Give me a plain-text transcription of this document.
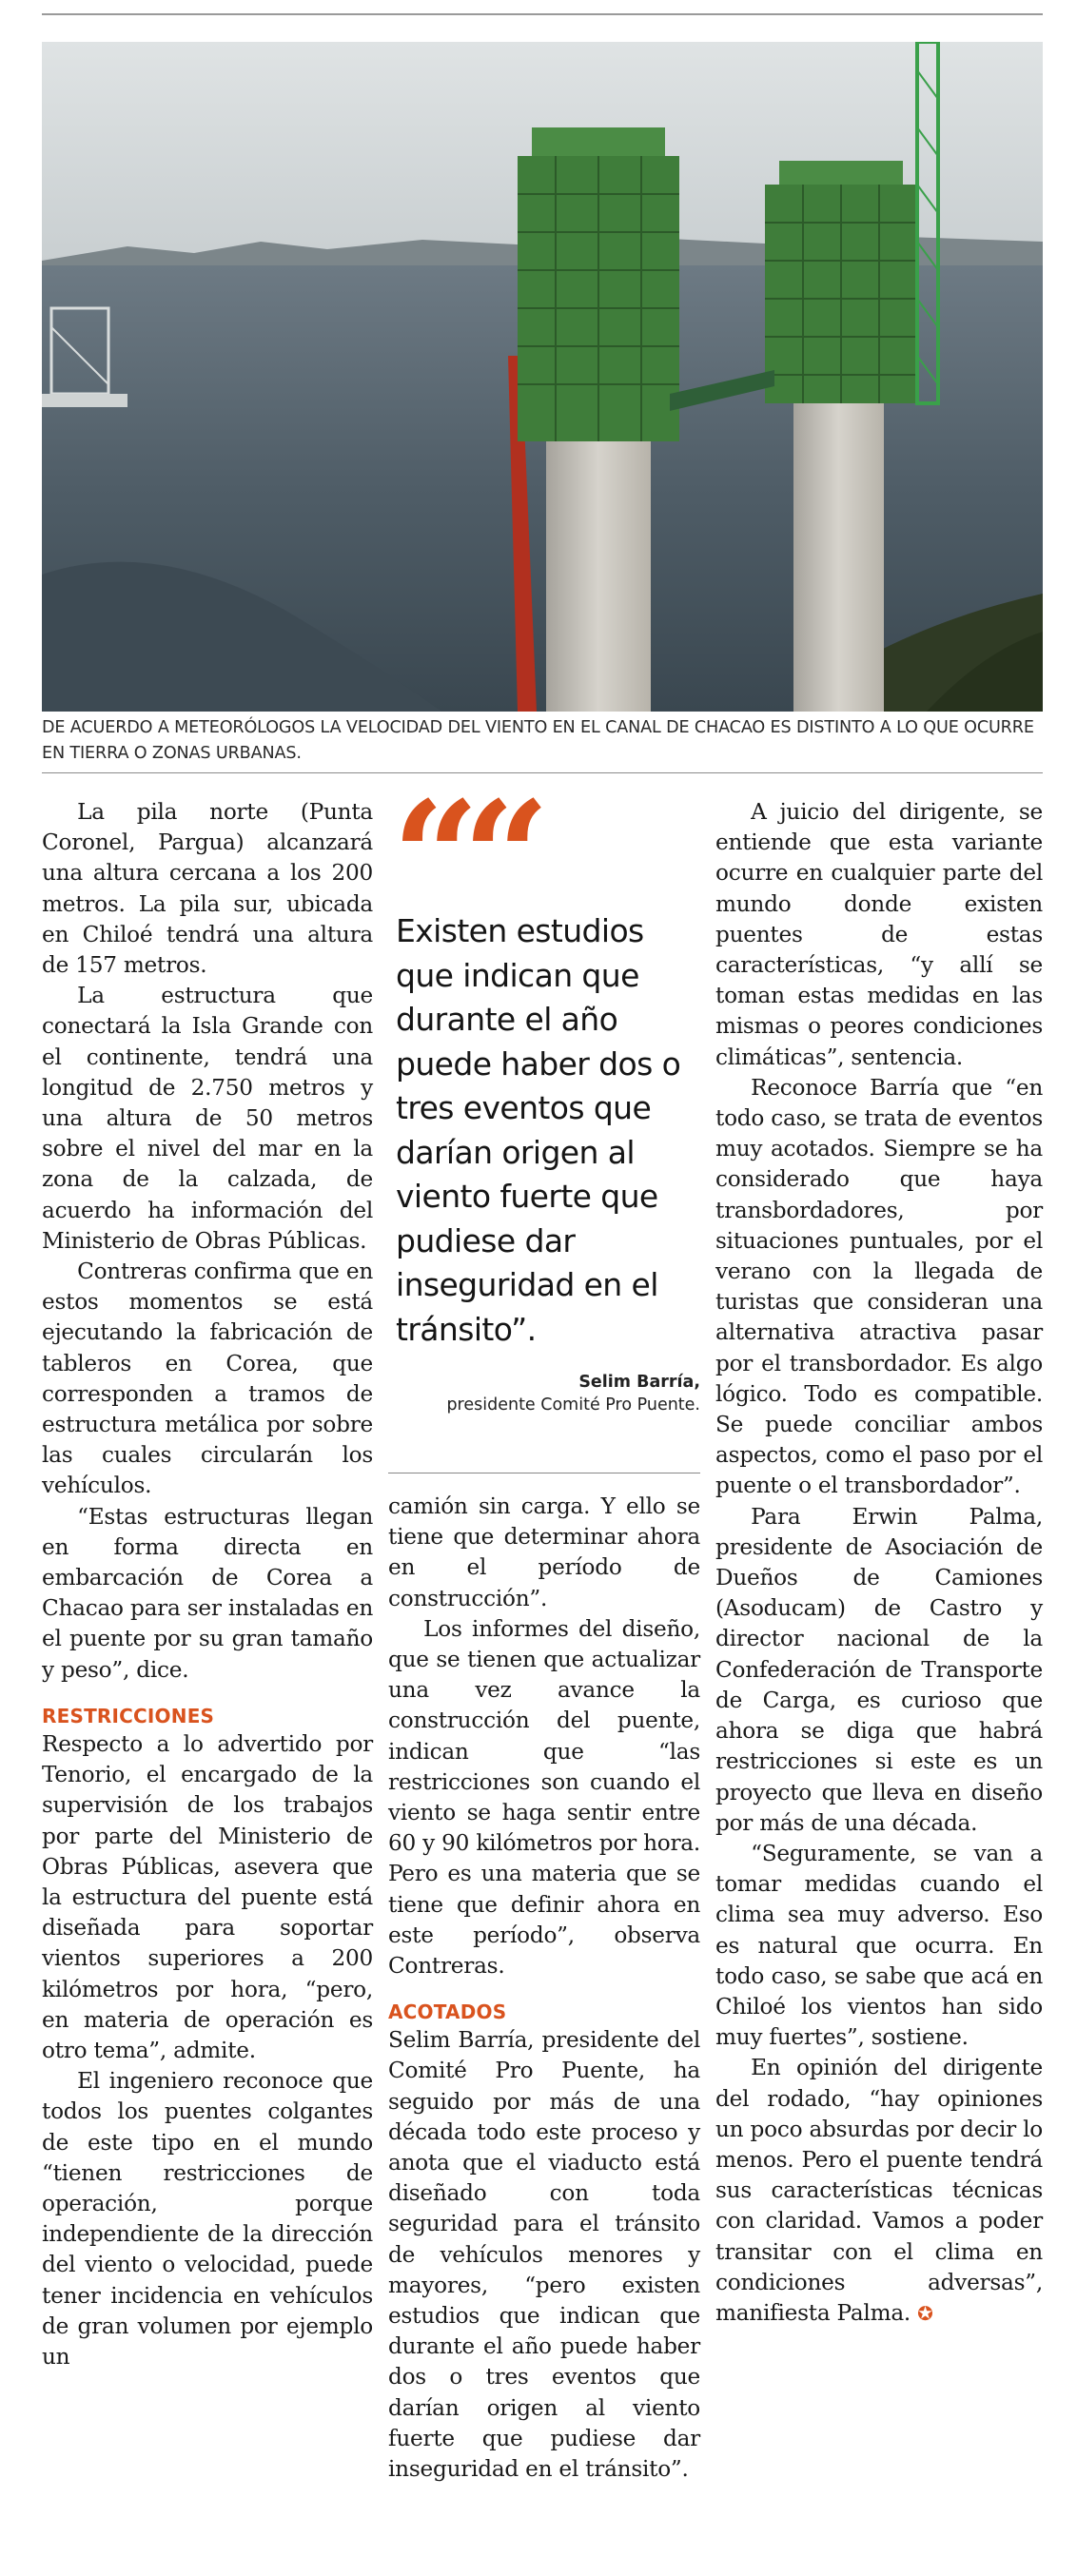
DE ACUERDO A METEORÓLOGOS LA VELOCIDAD DEL VIENTO EN EL CANAL DE CHACAO ES DISTINTO A LO QUE OCURRE EN TIERRA O ZONAS URBANAS.

La pila norte (Punta Coronel, Pargua) alcanzará una altura cercana a los 200 metros. La pila sur, ubicada en Chiloé tendrá una altura de 157 metros.

La estructura que conectará la Isla Grande con el continente, tendrá una longitud de 2.750 metros y una altura de 50 metros sobre el nivel del mar en la zona de la calzada, de acuerdo ha información del Ministerio de Obras Públicas.

Contreras confirma que en estos momentos se está ejecutando la fabricación de tableros en Corea, que corresponden a tramos de estructura metálica por sobre las cuales circularán los vehículos.

“Estas estructuras llegan en forma directa en embarcación de Corea a Chacao para ser instaladas en el puente por su gran tamaño y peso”, dice.

RESTRICCIONES

Respecto a lo advertido por Tenorio, el encargado de la supervisión de los trabajos por parte del Ministerio de Obras Públicas, asevera que la estructura del puente está diseñada para soportar vientos superiores a 200 kilómetros por hora, “pero, en materia de operación es otro tema”, admite.

El ingeniero reconoce que todos los puentes colgantes de este tipo en el mundo “tienen restricciones de operación, porque independiente de la dirección del viento o velocidad, puede tener incidencia en vehículos de gran volumen por ejemplo un

““
Existen estudios que indican que durante el año puede haber dos o tres eventos que darían origen al viento fuerte que pudiese dar inseguridad en el tránsito”.
Selim Barría,
presidente Comité Pro Puente.

camión sin carga. Y ello se tiene que determinar ahora en el período de construcción”.

Los informes del diseño, que se tienen que actualizar una vez avance la construcción del puente, indican que “las restricciones son cuando el viento se haga sentir entre 60 y 90 kilómetros por hora. Pero es una materia que se tiene que definir ahora en este período”, observa Contreras.

ACOTADOS

Selim Barría, presidente del Comité Pro Puente, ha seguido por más de una década todo este proceso y anota que el viaducto está diseñado con toda seguridad para el tránsito de vehículos menores y mayores, “pero existen estudios que indican que durante el año puede haber dos o tres eventos que darían origen al viento fuerte que pudiese dar inseguridad en el tránsito”.

A juicio del dirigente, se entiende que esta variante ocurre en cualquier parte del mundo donde existen puentes de estas características, “y allí se toman estas medidas en las mismas o peores condiciones climáticas”, sentencia.

Reconoce Barría que “en todo caso, se trata de eventos muy acotados. Siempre se ha considerado que haya transbordadores, por situaciones puntuales, por el verano con la llegada de turistas que consideran una alternativa atractiva pasar por el transbordador. Es algo lógico. Todo es compatible. Se puede conciliar ambos aspectos, como el paso por el puente o el transbordador”.

Para Erwin Palma, presidente de Asociación de Dueños de Camiones (Asoducam) de Castro y director nacional de la Confederación de Transporte de Carga, es curioso que ahora se diga que habrá restricciones si este es un proyecto que lleva en diseño por más de una década.

“Seguramente, se van a tomar medidas cuando el clima sea muy adverso. Eso es natural que ocurra. En todo caso, se sabe que acá en Chiloé los vientos han sido muy fuertes”, sostiene.

En opinión del dirigente del rodado, “hay opiniones un poco absurdas por decir lo menos. Pero el puente tendrá sus características técnicas con claridad. Vamos a poder transitar con el clima en condiciones adversas”, manifiesta Palma. ✪
